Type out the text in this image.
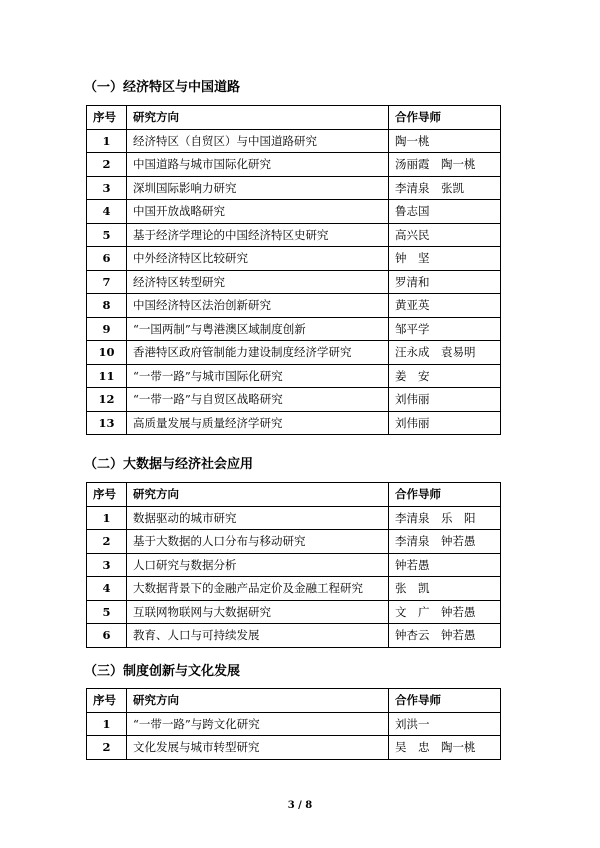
（一）经济特区与中国道路
序号	研究方向	合作导师
1	经济特区（自贸区）与中国道路研究	陶一桃
2	中国道路与城市国际化研究	汤丽霞　陶一桃
3	深圳国际影响力研究	李清泉　张凯
4	中国开放战略研究	鲁志国
5	基于经济学理论的中国经济特区史研究	高兴民
6	中外经济特区比较研究	钟　坚
7	经济特区转型研究	罗清和
8	中国经济特区法治创新研究	黄亚英
9	“一国两制”与粤港澳区域制度创新	邹平学
10	香港特区政府管制能力建设制度经济学研究	汪永成　袁易明
11	“一带一路”与城市国际化研究	姜　安
12	“一带一路”与自贸区战略研究	刘伟丽
13	高质量发展与质量经济学研究	刘伟丽
（二）大数据与经济社会应用
序号	研究方向	合作导师
1	数据驱动的城市研究	李清泉　乐　阳
2	基于大数据的人口分布与移动研究	李清泉　钟若愚
3	人口研究与数据分析	钟若愚
4	大数据背景下的金融产品定价及金融工程研究	张　凯
5	互联网物联网与大数据研究	文　广　钟若愚
6	教育、人口与可持续发展	钟杏云　钟若愚
（三）制度创新与文化发展
序号	研究方向	合作导师
1	“一带一路”与跨文化研究	刘洪一
2	文化发展与城市转型研究	吴　忠　陶一桃
3 / 8
